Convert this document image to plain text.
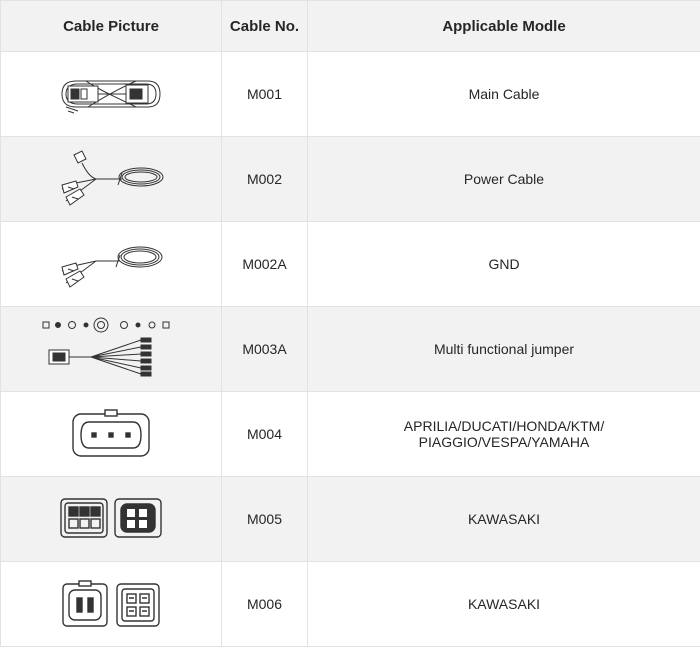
Cable Picture	Cable No.	Applicable Modle

	M001	Main Cable

	M002	Power Cable

	M002A	GND

	M003A	Multi functional jumper

	M004	APRILIA/DUCATI/HONDA/KTM/
PIAGGIO/VESPA/YAMAHA

	M005	KAWASAKI

	M006	KAWASAKI
